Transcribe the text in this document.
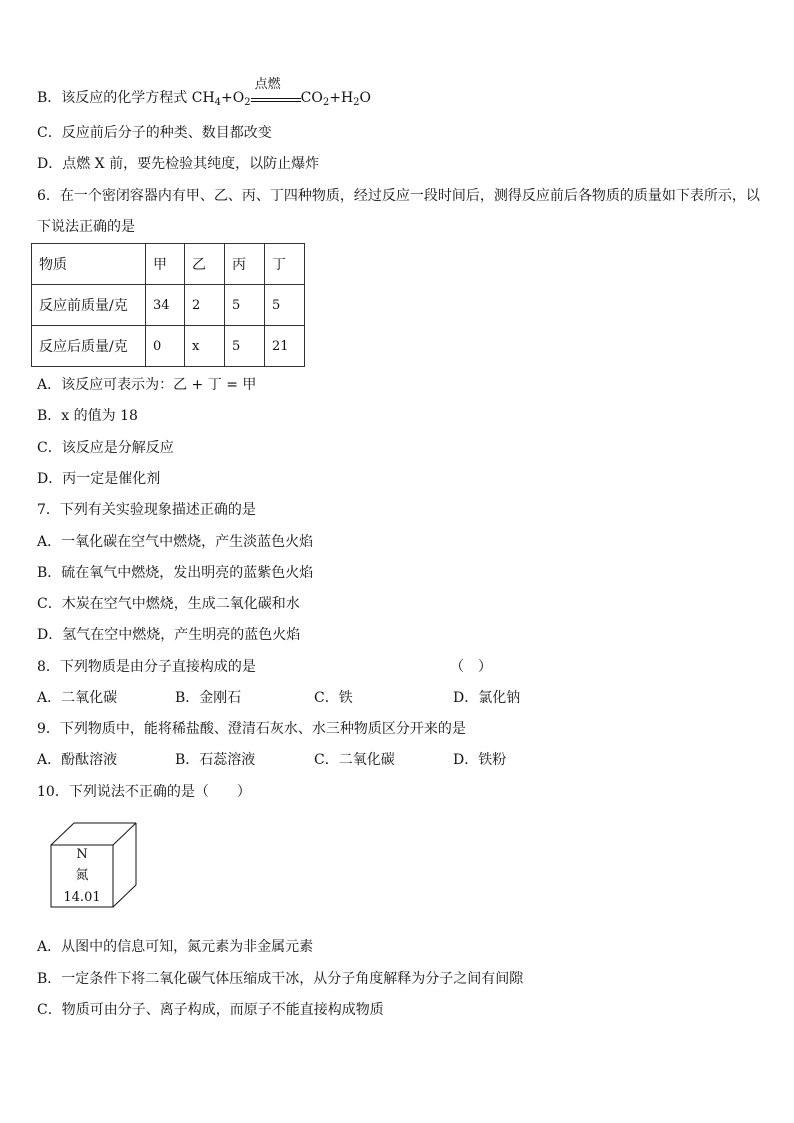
B．该反应的化学方程式 $CH_4+O_2$
点燃
$CO_2+H_2O$
C．反应前后分子的种类、数目都改变
D．点燃 X 前，要先检验其纯度，以防止爆炸
6．在一个密闭容器内有甲、乙、丙、丁四种物质，经过反应一段时间后，测得反应前后各物质的质量如下表所示，以
下说法正确的是
物质	甲	乙	丙	丁
反应前质量/克	34	2	5	5
反应后质量/克	0	x	5	21
A．该反应可表示为：乙 + 丁 = 甲
B．x 的值为 18
C．该反应是分解反应
D．丙一定是催化剂
7．下列有关实验现象描述正确的是
A．一氧化碳在空气中燃烧，产生淡蓝色火焰
B．硫在氧气中燃烧，发出明亮的蓝紫色火焰
C．木炭在空气中燃烧，生成二氧化碳和水
D．氢气在空中燃烧，产生明亮的蓝色火焰
8．下列物质是由分子直接构成的是	（　）
A．二氧化碳	B．金刚石	C．铁	D．氯化钠
9．下列物质中，能将稀盐酸、澄清石灰水、水三种物质区分开来的是
A．酚酞溶液	B．石蕊溶液	C．二氧化碳	D．铁粉
10．下列说法不正确的是（　　）
N
氮
14.01
A．从图中的信息可知，氮元素为非金属元素
B．一定条件下将二氧化碳气体压缩成干冰，从分子角度解释为分子之间有间隙
C．物质可由分子、离子构成，而原子不能直接构成物质
